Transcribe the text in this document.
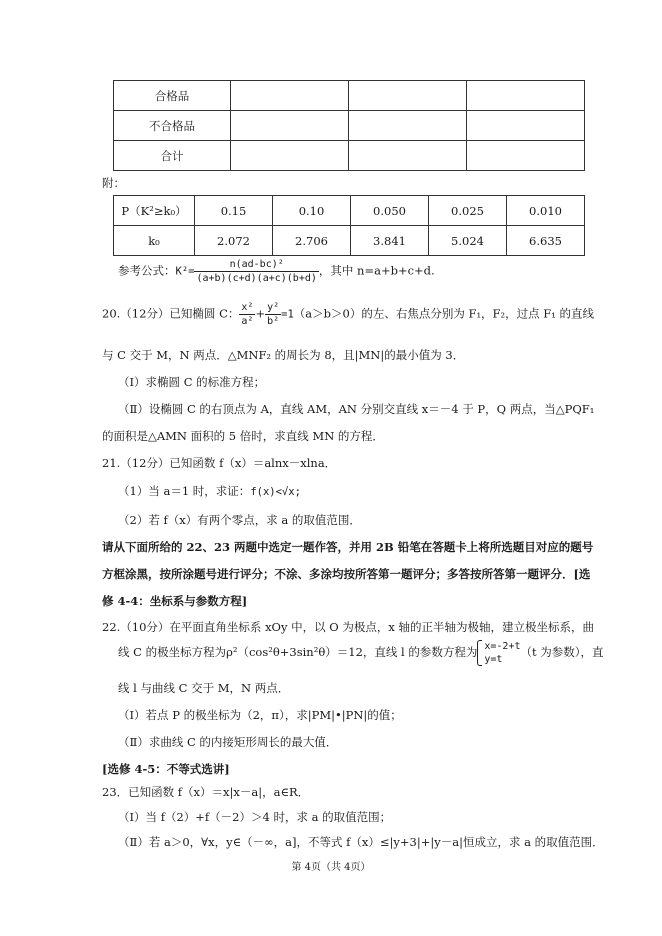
合格品			
不合格品			
合计			
附：
P（K²≥k₀）	0.15	0.10	0.050	0.025	0.010
k₀	2.072	2.706	3.841	5.024	6.635
参考公式：$K^2= \frac{\text{n(ad-bc)²}}{(a+b)(c+d)(a+c)(b+d)}$ ，其中 n=a+b+c+d.
20.（12分）已知椭圆 C： $\frac{\text{x²}}{\text{a²}} + \frac{\text{y²}}{\text{b²}} =1(a>b>0)$的左、右焦点分别为 F₁，F₂，过点 F₁ 的直线
与 C 交于 M，N 两点．△MNF₂ 的周长为 8，且|MN|的最小值为 3．
（Ⅰ）求椭圆 C 的标准方程；
（Ⅱ）设椭圆 C 的右顶点为 A，直线 AM，AN 分别交直线 x＝－4 于 P，Q 两点，当△PQF₁
的面积是△AMN 面积的 5 倍时，求直线 MN 的方程．
21.（12分）已知函数 f（x）＝alnx－xlna．
（1）当 a＝1 时，求证：f(x)<√x;
（2）若 f（x）有两个零点，求 a 的取值范围．
请从下面所给的 22、23 两题中选定一题作答，并用 2B 铅笔在答题卡上将所选题目对应的题号
方框涂黑，按所涂题号进行评分；不涂、多涂均按所答第一题评分；多答按所答第一题评分．[选
修 4-4：坐标系与参数方程]
22.（10分）在平面直角坐标系 xOy 中，以 O 为极点，x 轴的正半轴为极轴，建立极坐标系，曲
线 C 的极坐标方程为ρ²（cos²θ+3sin²θ）＝12，直线 l 的参数方程为 x=-2+t
y=t
（t 为参数），直
线 l 与曲线 C 交于 M，N 两点．
（Ⅰ）若点 P 的极坐标为（2，π），求|PM|•|PN|的值；
（Ⅱ）求曲线 C 的内接矩形周长的最大值．
[选修 4-5：不等式选讲]
23．已知函数 f（x）＝x|x－a|，a∈R．
（Ⅰ）当 f（2）+f（－2）＞4 时，求 a 的取值范围；
（Ⅱ）若 a＞0，∀x，y∈（－∞，a]，不等式 f（x）≤|y+3|+|y－a|恒成立，求 a 的取值范围．
第 4页（共 4页）
